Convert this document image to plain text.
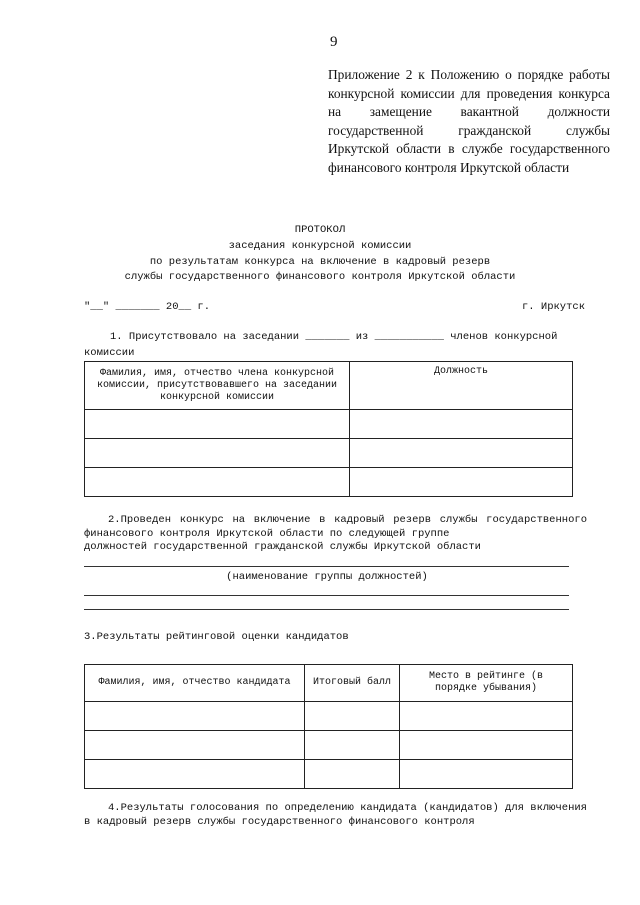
9
Приложение 2 к Положению о порядке работы конкурсной комиссии для проведения конкурса на замещение вакантной должности государственной гражданской службы Иркутской области в службе государственного финансового контроля Иркутской области
ПРОТОКОЛ
заседания конкурсной комиссии
по результатам конкурса на включение в кадровый резерв
службы государственного финансового контроля Иркутской области
"__" _______ 20__ г.	г. Иркутск
1. Присутствовало на заседании _______ из ___________ членов конкурсной
комиссии
Фамилия, имя, отчество члена конкурсной комиссии, присутствовавшего на заседании конкурсной комиссии	Должность

2.Проведен конкурс на включение в кадровый резерв службы государственного финансового контроля Иркутской области по следующей группе
должностей государственной гражданской службы Иркутской области
(наименование группы должностей)
3.Результаты рейтинговой оценки кандидатов
Фамилия, имя, отчество кандидата	Итоговый балл	Место в рейтинге (в порядке убывания)

4.Результаты голосования по определению кандидата (кандидатов) для включения в кадровый резерв службы государственного финансового контроля
